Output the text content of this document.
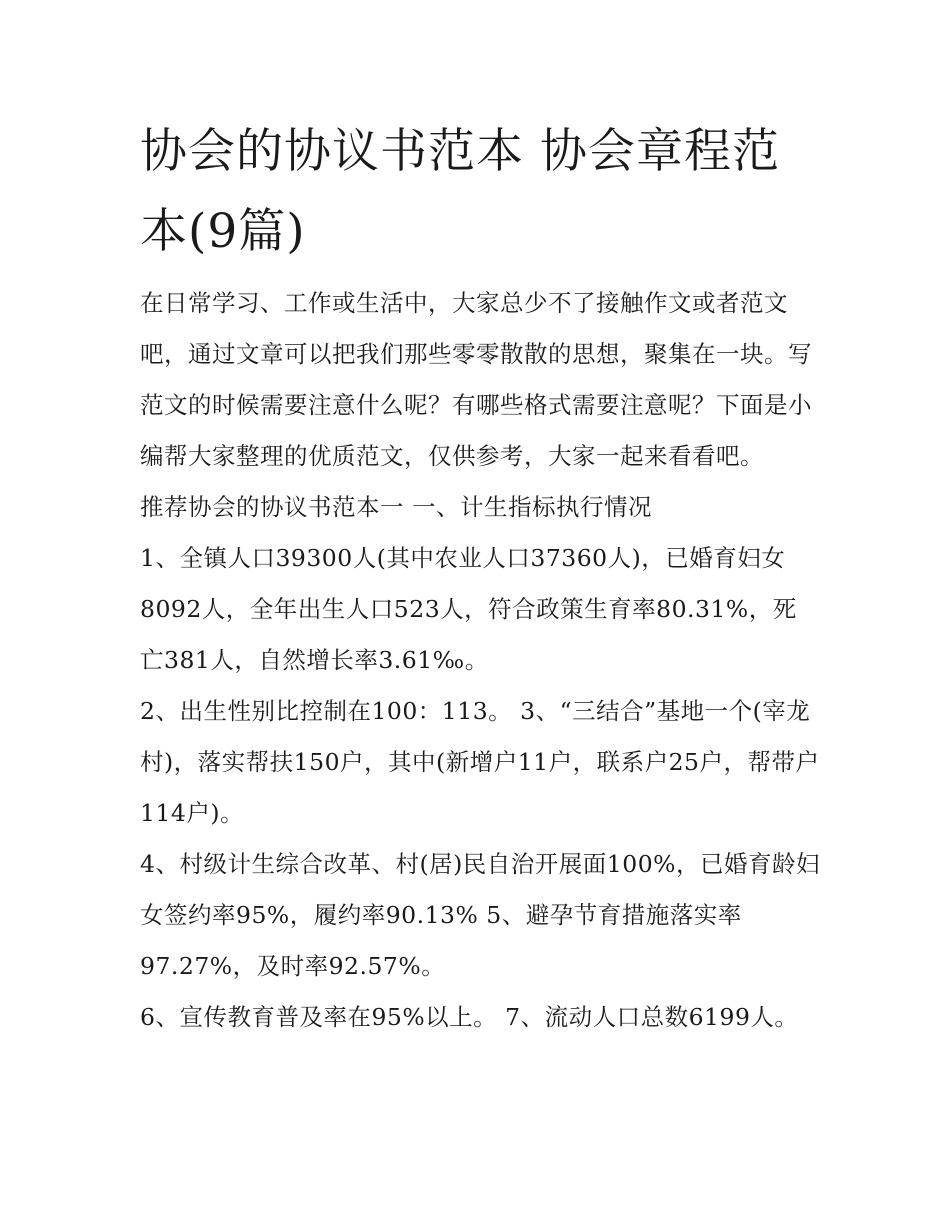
协会的协议书范本 协会章程范本(9篇)

在日常学习、工作或生活中，大家总少不了接触作文或者范文吧，通过文章可以把我们那些零零散散的思想，聚集在一块。写范文的时候需要注意什么呢？有哪些格式需要注意呢？下面是小编帮大家整理的优质范文，仅供参考，大家一起来看看吧。

推荐协会的协议书范本一 一、计生指标执行情况

1、全镇人口39300人(其中农业人口37360人)，已婚育妇女8092人，全年出生人口523人，符合政策生育率80.31%，死亡381人，自然增长率3.61‰。

2、出生性别比控制在100：113。 3、“三结合”基地一个(宰龙村)，落实帮扶150户，其中(新增户11户，联系户25户，帮带户114户)。

4、村级计生综合改革、村(居)民自治开展面100%，已婚育龄妇女签约率95%，履约率90.13% 5、避孕节育措施落实率97.27%，及时率92.57%。

6、宣传教育普及率在95%以上。 7、流动人口总数6199人。
